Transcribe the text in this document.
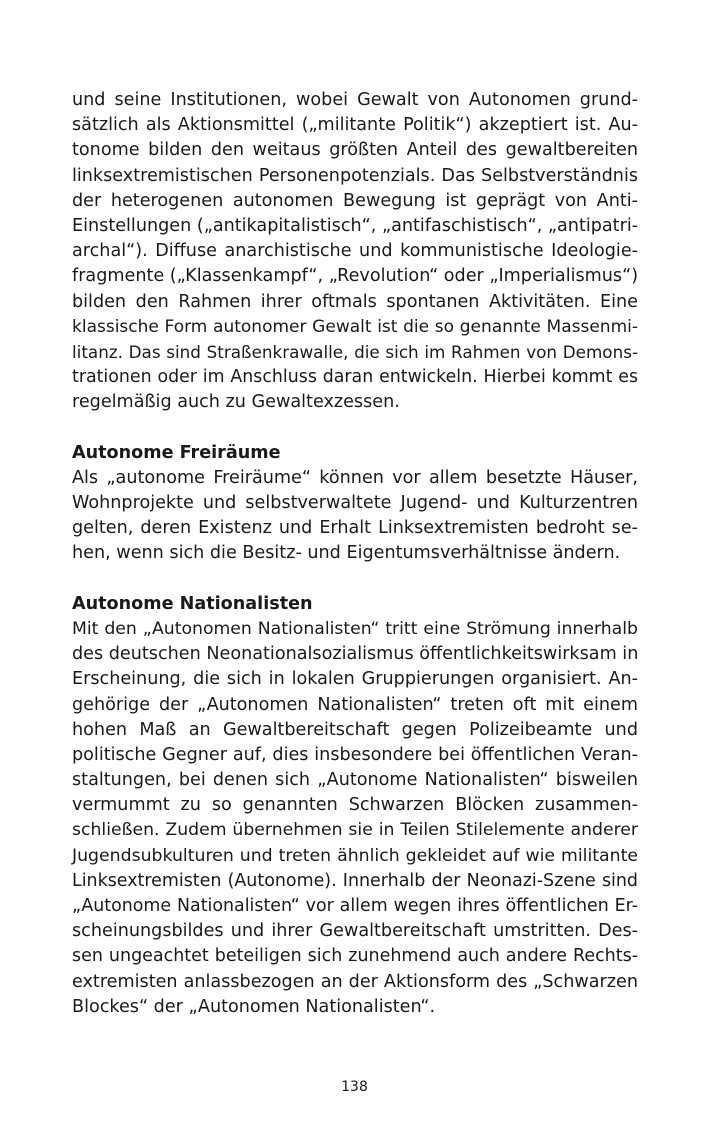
und seine Institutionen, wobei Gewalt von Autonomen grund-
sätzlich als Aktionsmittel („militante Politik“) akzeptiert ist. Au-
tonome bilden den weitaus größten Anteil des gewaltbereiten
linksextremistischen Personenpotenzials. Das Selbstverständnis
der heterogenen autonomen Bewegung ist geprägt von Anti-
Einstellungen („antikapitalistisch“, „antifaschistisch“, „antipatri-
archal“). Diffuse anarchistische und kommunistische Ideologie-
fragmente („Klassenkampf“, „Revolution“ oder „Imperialismus“)
bilden den Rahmen ihrer oftmals spontanen Aktivitäten. Eine
klassische Form autonomer Gewalt ist die so genannte Massenmi-
litanz. Das sind Straßenkrawalle, die sich im Rahmen von Demons-
trationen oder im Anschluss daran entwickeln. Hierbei kommt es
regelmäßig auch zu Gewaltexzessen.
Autonome Freiräume
Als „autonome Freiräume“ können vor allem besetzte Häuser,
Wohnprojekte und selbstverwaltete Jugend- und Kulturzentren
gelten, deren Existenz und Erhalt Linksextremisten bedroht se-
hen, wenn sich die Besitz- und Eigentumsverhältnisse ändern.
Autonome Nationalisten
Mit den „Autonomen Nationalisten“ tritt eine Strömung innerhalb
des deutschen Neonationalsozialismus öffentlichkeitswirksam in
Erscheinung, die sich in lokalen Gruppierungen organisiert. An-
gehörige der „Autonomen Nationalisten“ treten oft mit einem
hohen Maß an Gewaltbereitschaft gegen Polizeibeamte und
politische Gegner auf, dies insbesondere bei öffentlichen Veran-
staltungen, bei denen sich „Autonome Nationalisten“ bisweilen
vermummt zu so genannten Schwarzen Blöcken zusammen-
schließen. Zudem übernehmen sie in Teilen Stilelemente anderer
Jugendsubkulturen und treten ähnlich gekleidet auf wie militante
Linksextremisten (Autonome). Innerhalb der Neonazi-Szene sind
„Autonome Nationalisten“ vor allem wegen ihres öffentlichen Er-
scheinungsbildes und ihrer Gewaltbereitschaft umstritten. Des-
sen ungeachtet beteiligen sich zunehmend auch andere Rechts-
extremisten anlassbezogen an der Aktionsform des „Schwarzen
Blockes“ der „Autonomen Nationalisten“.
138
